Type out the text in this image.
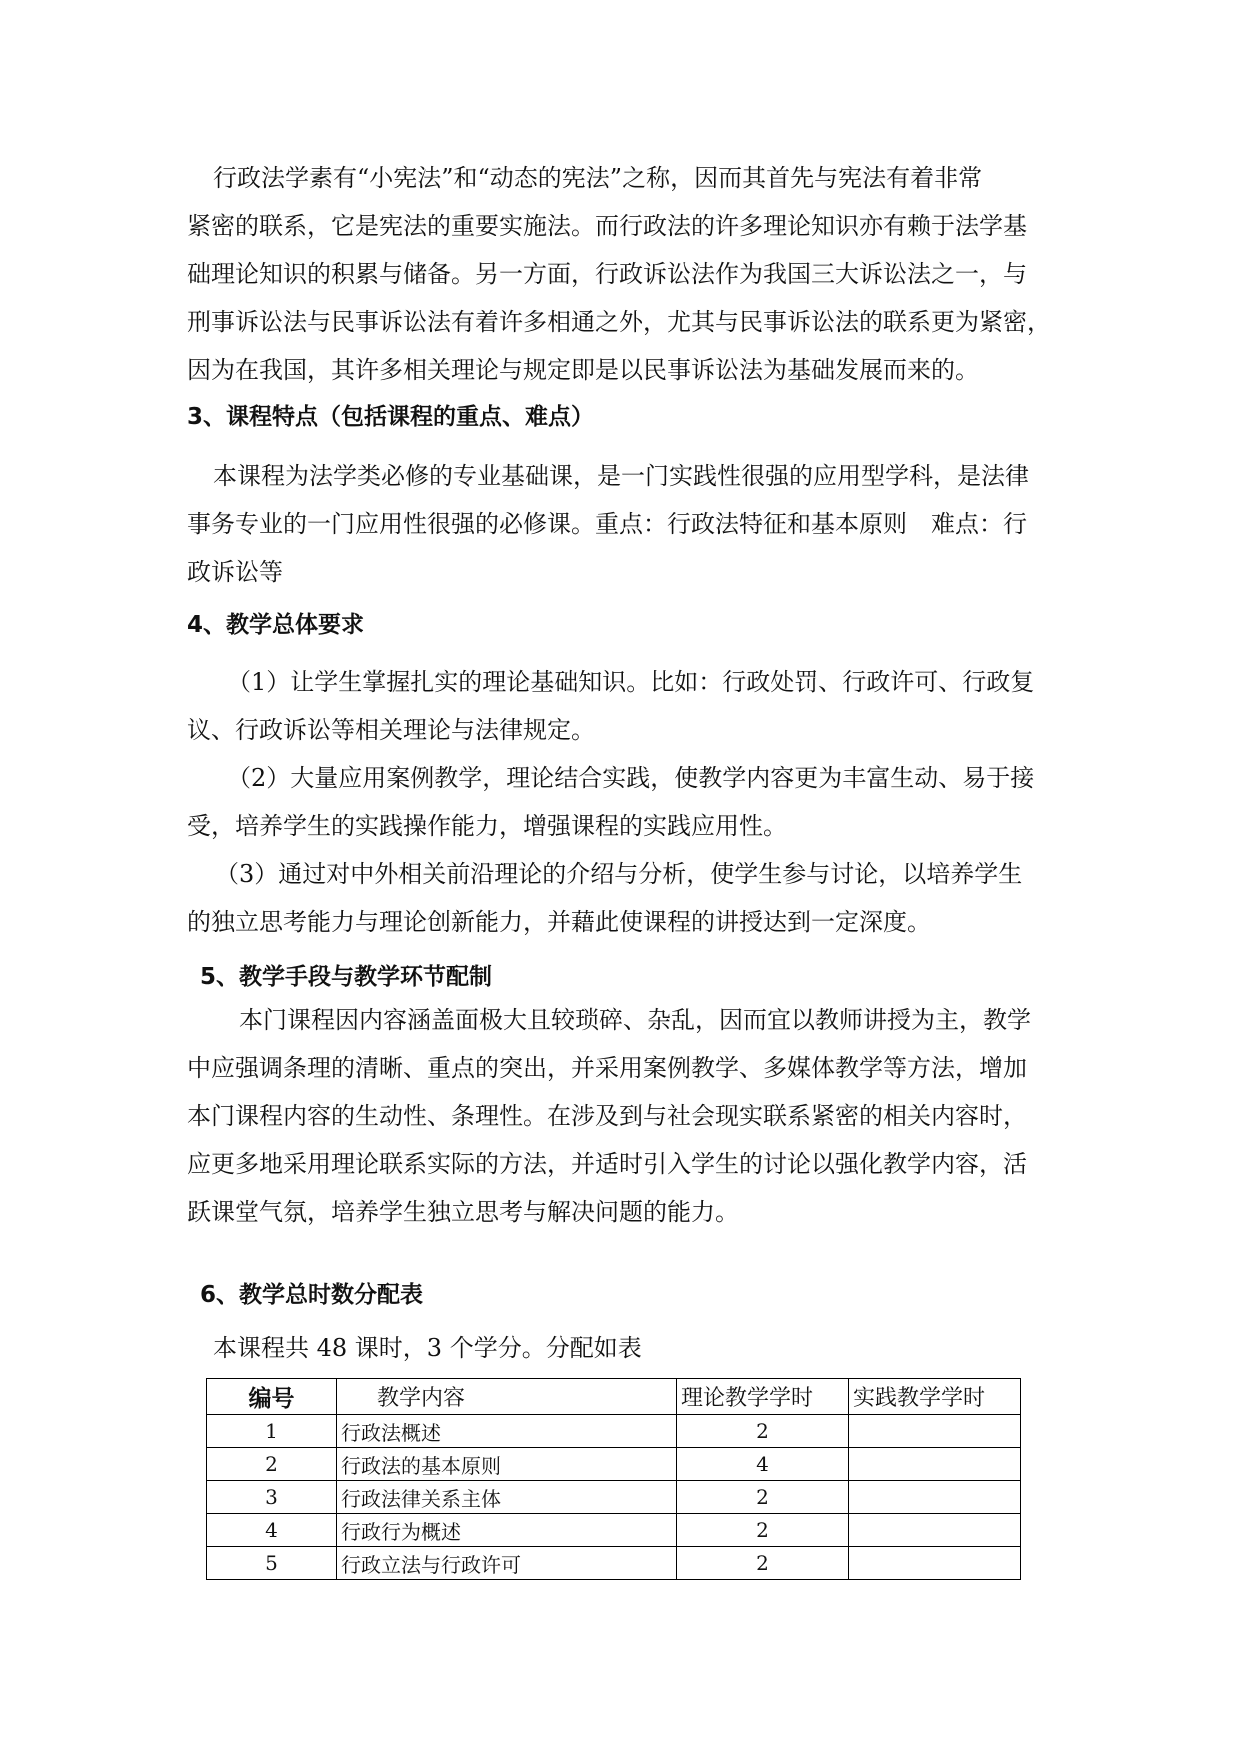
行政法学素有“小宪法”和“动态的宪法”之称，因而其首先与宪法有着非常
紧密的联系，它是宪法的重要实施法。而行政法的许多理论知识亦有赖于法学基
础理论知识的积累与储备。另一方面，行政诉讼法作为我国三大诉讼法之一，与
刑事诉讼法与民事诉讼法有着许多相通之外，尤其与民事诉讼法的联系更为紧密，
因为在我国，其许多相关理论与规定即是以民事诉讼法为基础发展而来的。

3、课程特点（包括课程的重点、难点）

本课程为法学类必修的专业基础课，是一门实践性很强的应用型学科，是法律
事务专业的一门应用性很强的必修课。重点：行政法特征和基本原则　难点：行
政诉讼等

4、教学总体要求

（1）让学生掌握扎实的理论基础知识。比如：行政处罚、行政许可、行政复
议、行政诉讼等相关理论与法律规定。

（2）大量应用案例教学，理论结合实践，使教学内容更为丰富生动、易于接
受，培养学生的实践操作能力，增强课程的实践应用性。

（3）通过对中外相关前沿理论的介绍与分析，使学生参与讨论，以培养学生
的独立思考能力与理论创新能力，并藉此使课程的讲授达到一定深度。

5、教学手段与教学环节配制

本门课程因内容涵盖面极大且较琐碎、杂乱，因而宜以教师讲授为主，教学
中应强调条理的清晰、重点的突出，并采用案例教学、多媒体教学等方法，增加
本门课程内容的生动性、条理性。在涉及到与社会现实联系紧密的相关内容时，
应更多地采用理论联系实际的方法，并适时引入学生的讨论以强化教学内容，活
跃课堂气氛，培养学生独立思考与解决问题的能力。

6、教学总时数分配表

本课程共 48 课时，3 个学分。分配如表

编号	教学内容	理论教学学时	实践教学学时
1	行政法概述	2	
2	行政法的基本原则	4	
3	行政法律关系主体	2	
4	行政行为概述	2	
5	行政立法与行政许可	2	
